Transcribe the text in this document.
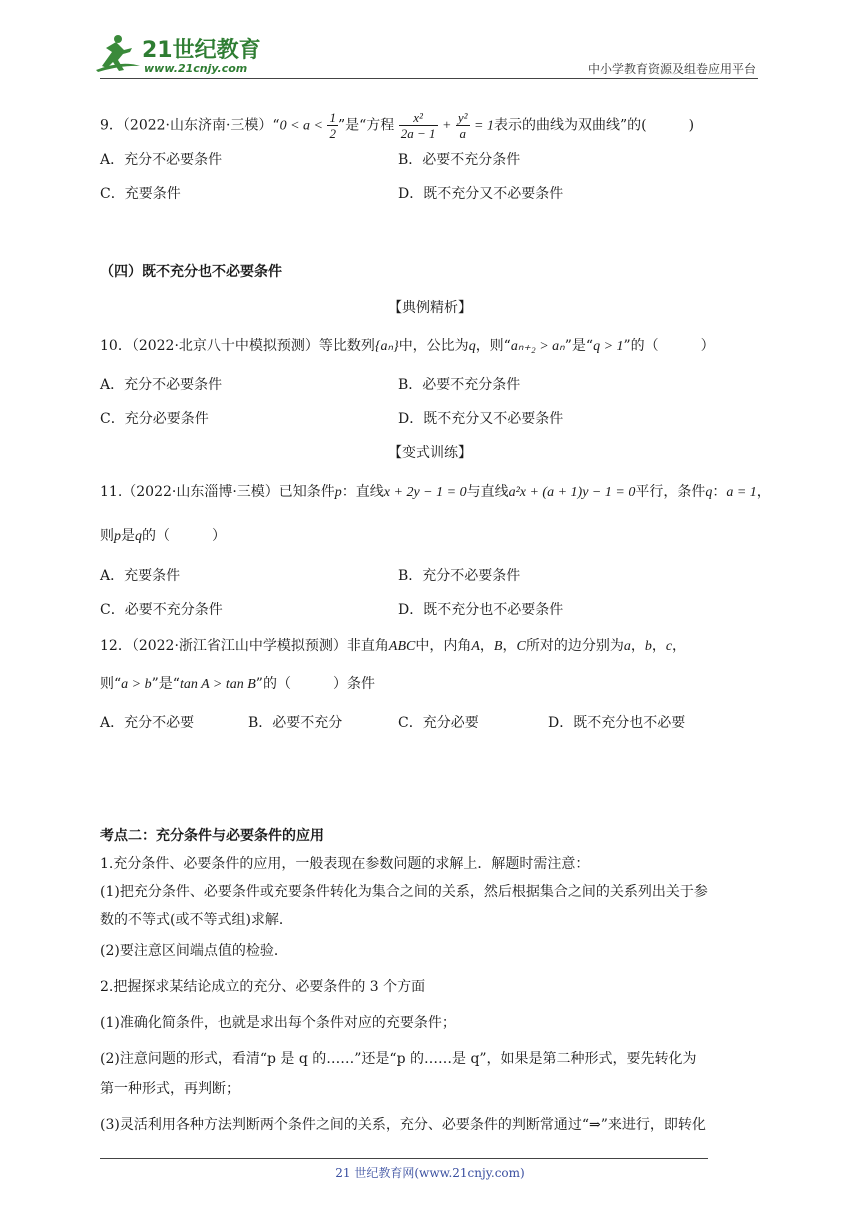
21世纪教育
www.21cnjy.com	中小学教育资源及组卷应用平台
9．（2022·山东济南·三模）“0 < $a < \frac{1}{2}$ ”是“方程 $\frac{\text{x²}}{2a - 1} + \frac{\text{y²}}{a} = 1$表示的曲线为双曲线”的(　　　)
A．充分不必要条件	B．必要不充分条件
C．充要条件	D．既不充分又不必要条件
（四）既不充分也不必要条件
【典例精析】
10．（2022·北京八十中模拟预测）等比数列{aₙ}中，公比为q，则“aₙ₊₂ > aₙ”是“q > 1”的（　　　）
A．充分不必要条件	B．必要不充分条件
C．充分必要条件	D．既不充分又不必要条件
【变式训练】
11.（2022·山东淄博·三模）已知条件p：直线x + 2y − 1 = 0与直线a²x + (a + 1)y − 1 = 0平行，条件q：a = 1，
则p是q的（　　　）
A．充要条件	B．充分不必要条件
C．必要不充分条件	D．既不充分也不必要条件
12．（2022·浙江省江山中学模拟预测）非直角ABC中，内角A，B，C所对的边分别为a，b，c，
则“a > b”是“tan A > tan B”的（　　　）条件
A．充分不必要	B．必要不充分	C．充分必要	D．既不充分也不必要
考点二：充分条件与必要条件的应用
1.充分条件、必要条件的应用，一般表现在参数问题的求解上．解题时需注意：
(1)把充分条件、必要条件或充要条件转化为集合之间的关系，然后根据集合之间的关系列出关于参
数的不等式(或不等式组)求解．
(2)要注意区间端点值的检验．
2.把握探求某结论成立的充分、必要条件的 3 个方面
(1)准确化简条件，也就是求出每个条件对应的充要条件；
(2)注意问题的形式，看清“p 是 q 的……”还是“p 的……是 q”，如果是第二种形式，要先转化为
第一种形式，再判断；
(3)灵活利用各种方法判断两个条件之间的关系，充分、必要条件的判断常通过“⇒”来进行，即转化
21 世纪教育网(www.21cnjy.com)
